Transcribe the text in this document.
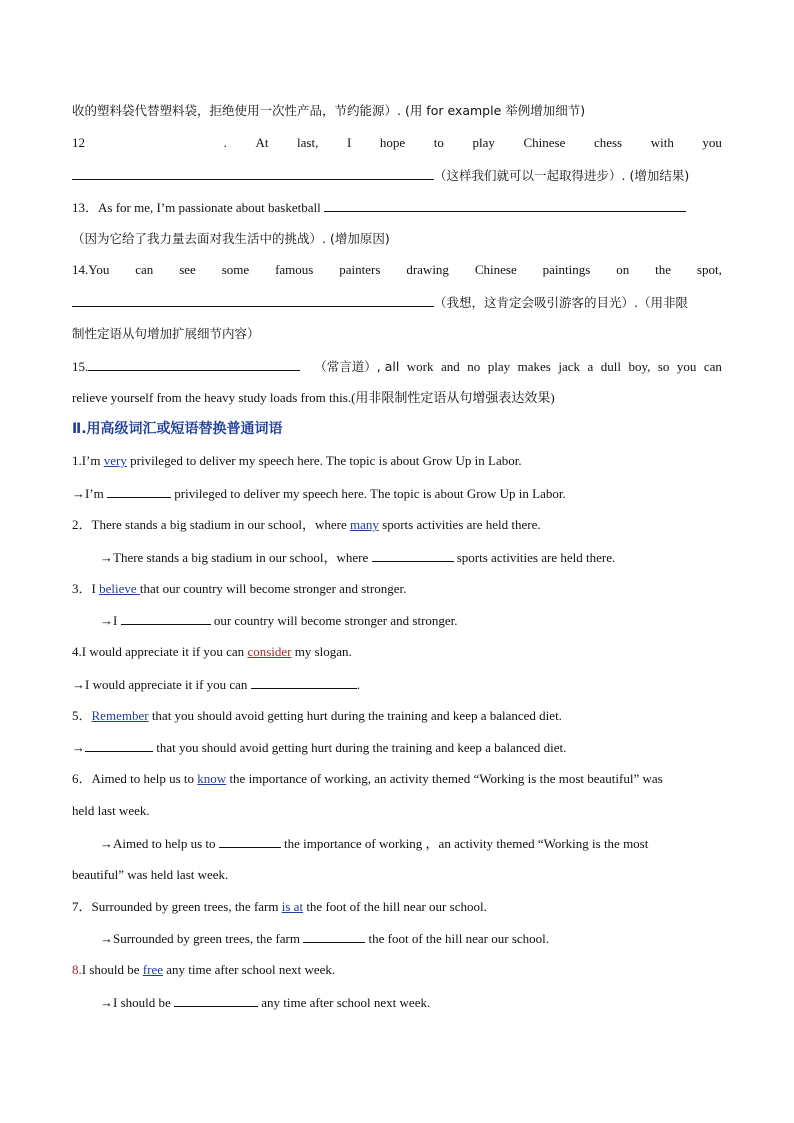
收的塑料袋代替塑料袋，拒绝使用一次性产品，节约能源）. (用 for example 举例增加细节)
12	. At last, I hope to play Chinese chess with you
（这样我们就可以一起取得进步）. (增加结果)
13．As for me, I’m passionate about basketball
（因为它给了我力量去面对我生活中的挑战）. (增加原因)
14.You can see some famous painters drawing Chinese paintings on the spot,
（我想，这肯定会吸引游客的目光）.（用非限
制性定语从句增加扩展细节内容）
15.	（常言道）, all work and no play makes jack a dull boy, so you can
relieve yourself from the heavy study loads from this.(用非限制性定语从句增强表达效果)
Ⅱ.用高级词汇或短语替换普通词语
1.I’m very privileged to deliver my speech here. The topic is about Grow Up in Labor.
→I’m	privileged to deliver my speech here. The topic is about Grow Up in Labor.
2．There stands a big stadium in our school，where many sports activities are held there.
→There stands a big stadium in our school，where	sports activities are held there.
3．I believe that our country will become stronger and stronger.
→I	our country will become stronger and stronger.
4.I would appreciate it if you can consider my slogan.
→I would appreciate it if you can	.
5．Remember that you should avoid getting hurt during the training and keep a balanced diet.
→	that you should avoid getting hurt during the training and keep a balanced diet.
6．Aimed to help us to know the importance of working, an activity themed “Working is the most beautiful” was
held last week.
→Aimed to help us to	the importance of working ，an activity themed “Working is the most
beautiful” was held last week.
7．Surrounded by green trees, the farm is at the foot of the hill near our school.
→Surrounded by green trees, the farm	the foot of the hill near our school.
8.I should be free any time after school next week.
→I should be	any time after school next week.
